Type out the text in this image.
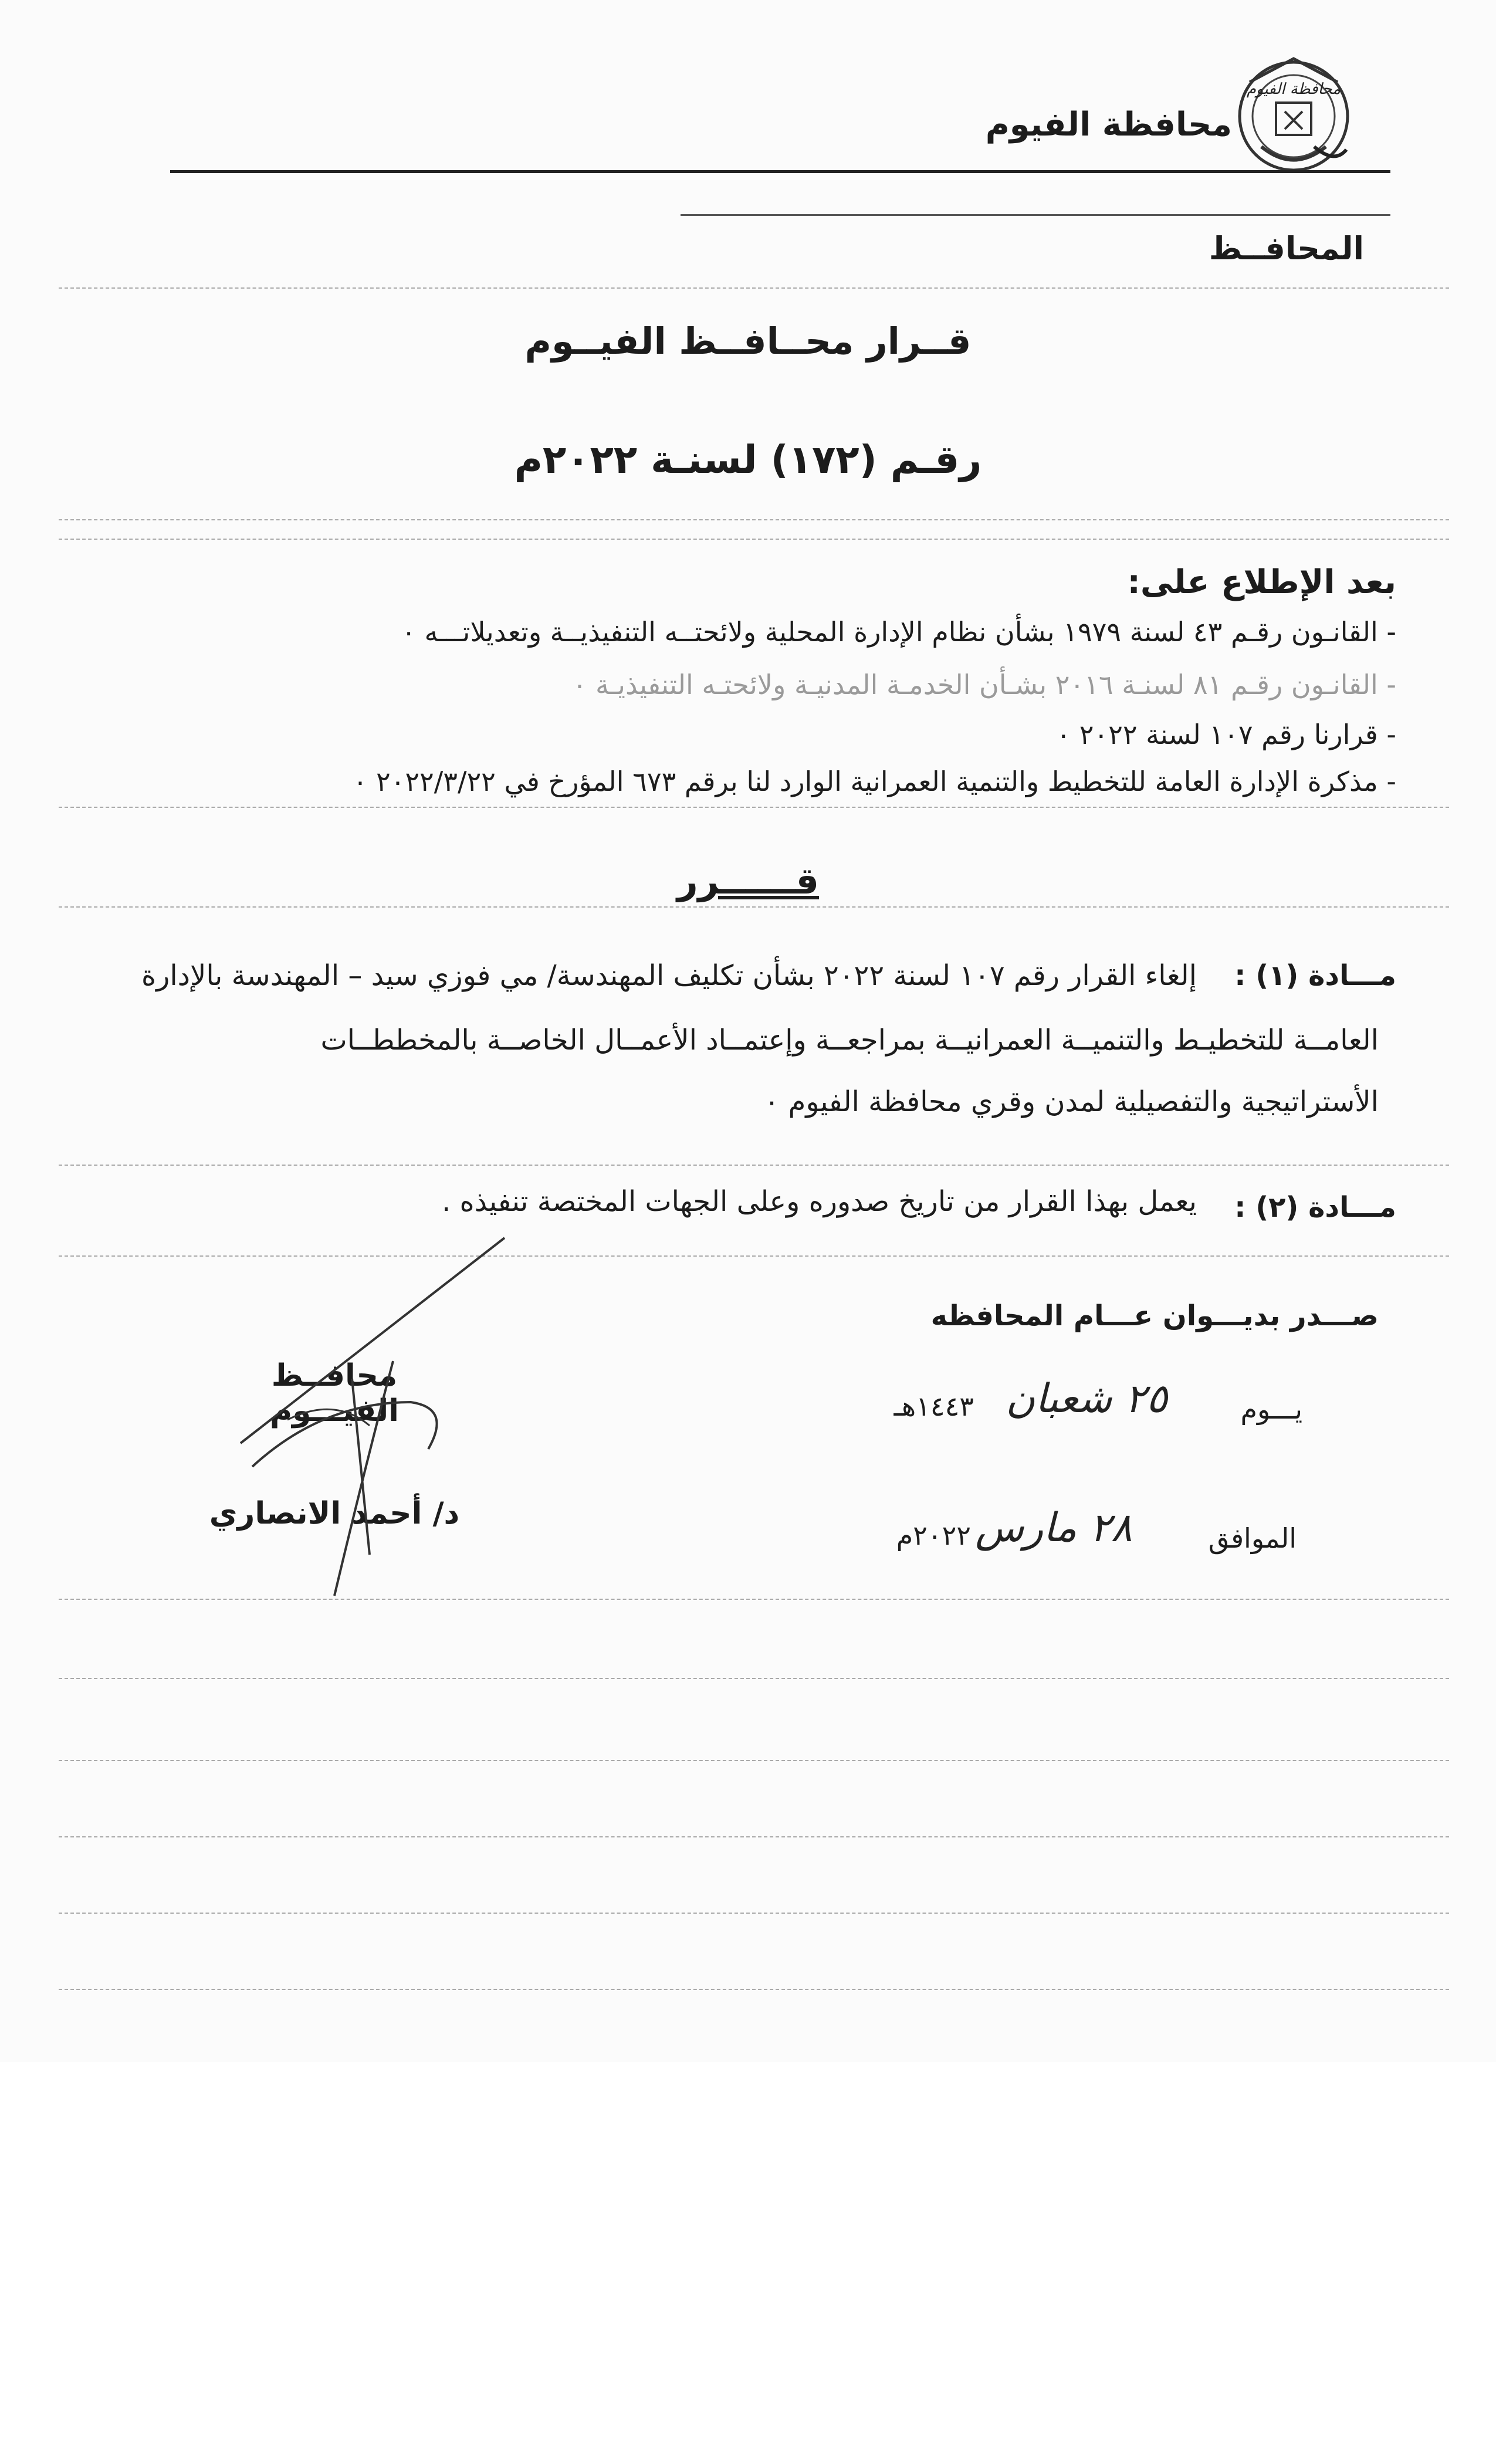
محافظة الفيوم
محافظة الفيوم
المحافــظ
قــرار محــافــظ الفيــوم
رقـم (١٧٢) لسنـة ٢٠٢٢م
بعد الإطلاع على:
- القانـون رقـم ٤٣ لسنة ١٩٧٩ بشأن نظام الإدارة المحلية ولائحتــه التنفيذيــة وتعديلاتـــه ٠
- القانـون رقـم ٨١ لسنـة ٢٠١٦ بشـأن الخدمـة المدنيـة ولائحتـه التنفيذيـة ٠
- قرارنا رقم ١٠٧ لسنة ٢٠٢٢ ٠
- مذكرة الإدارة العامة للتخطيط والتنمية العمرانية الوارد لنا برقم ٦٧٣ المؤرخ في ٢٠٢٢/٣/٢٢ ٠
قــــــرر
مـــادة (١) :
إلغاء القرار رقم ١٠٧ لسنة ٢٠٢٢ بشأن تكليف المهندسة/ مي فوزي سيد – المهندسة بالإدارة
العامــة للتخطيـط والتنميــة العمرانيــة بمراجعــة وإعتمــاد الأعمــال الخاصــة بالمخططــات
الأستراتيجية والتفصيلية لمدن وقري محافظة الفيوم ٠
مـــادة (٢) :
يعمل بهذا القرار من تاريخ صدوره وعلى الجهات المختصة تنفيذه .
صـــدر بديـــوان عـــام المحافظه
يـــوم
٢٥ شعبان
١٤٤٣هـ
الموافق
٢٨ مارس
٢٠٢٢م
محافــظ الفيـــوم
د/ أحمد الانصاري
